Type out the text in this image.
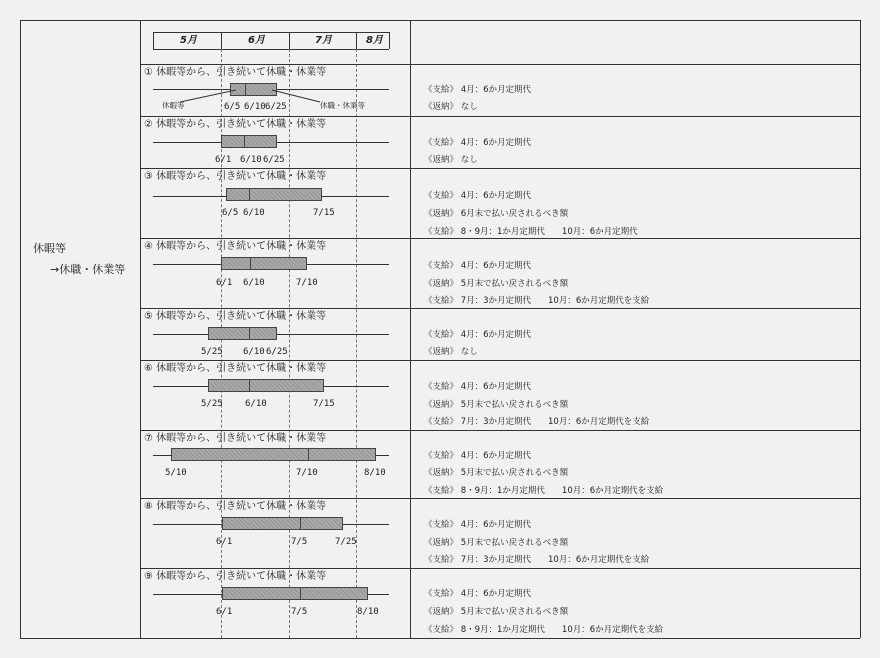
休暇等
→休職・休業等
5月	6月	7月	8月
① 休暇等から、引き続いて休職・休業等
休暇等	休職・休業等
6/5 6/10 6/25
《支給》 4月：6か月定期代
《返納》 なし
② 休暇等から、引き続いて休職・休業等
6/1 6/10 6/25
《支給》 4月：6か月定期代
《返納》 なし
③ 休暇等から、引き続いて休職・休業等
6/5 6/10	7/15
《支給》 4月：6か月定期代
《返納》 6月末で払い戻されるべき額
《支給》 8・9月：1か月定期代　　10月：6か月定期代
④ 休暇等から、引き続いて休職・休業等
6/1 6/10	7/10
《支給》 4月：6か月定期代
《返納》 5月末で払い戻されるべき額
《支給》 7月：3か月定期代　　10月：6か月定期代を支給
⑤ 休暇等から、引き続いて休職・休業等
5/25 6/10 6/25
《支給》 4月：6か月定期代
《返納》 なし
⑥ 休暇等から、引き続いて休職・休業等
5/25 6/10	7/15
《支給》 4月：6か月定期代
《返納》 5月末で払い戻されるべき額
《支給》 7月：3か月定期代　　10月：6か月定期代を支給
⑦ 休暇等から、引き続いて休職・休業等
5/10	7/10	8/10
《支給》 4月：6か月定期代
《返納》 5月末で払い戻されるべき額
《支給》 8・9月：1か月定期代　　10月：6か月定期代を支給
⑧ 休暇等から、引き続いて休職・休業等
6/1	7/5	7/25
《支給》 4月：6か月定期代
《返納》 5月末で払い戻されるべき額
《支給》 7月：3か月定期代　　10月：6か月定期代を支給
⑨ 休暇等から、引き続いて休職・休業等
6/1	7/5	8/10
《支給》 4月：6か月定期代
《返納》 5月末で払い戻されるべき額
《支給》 8・9月：1か月定期代　　10月：6か月定期代を支給
